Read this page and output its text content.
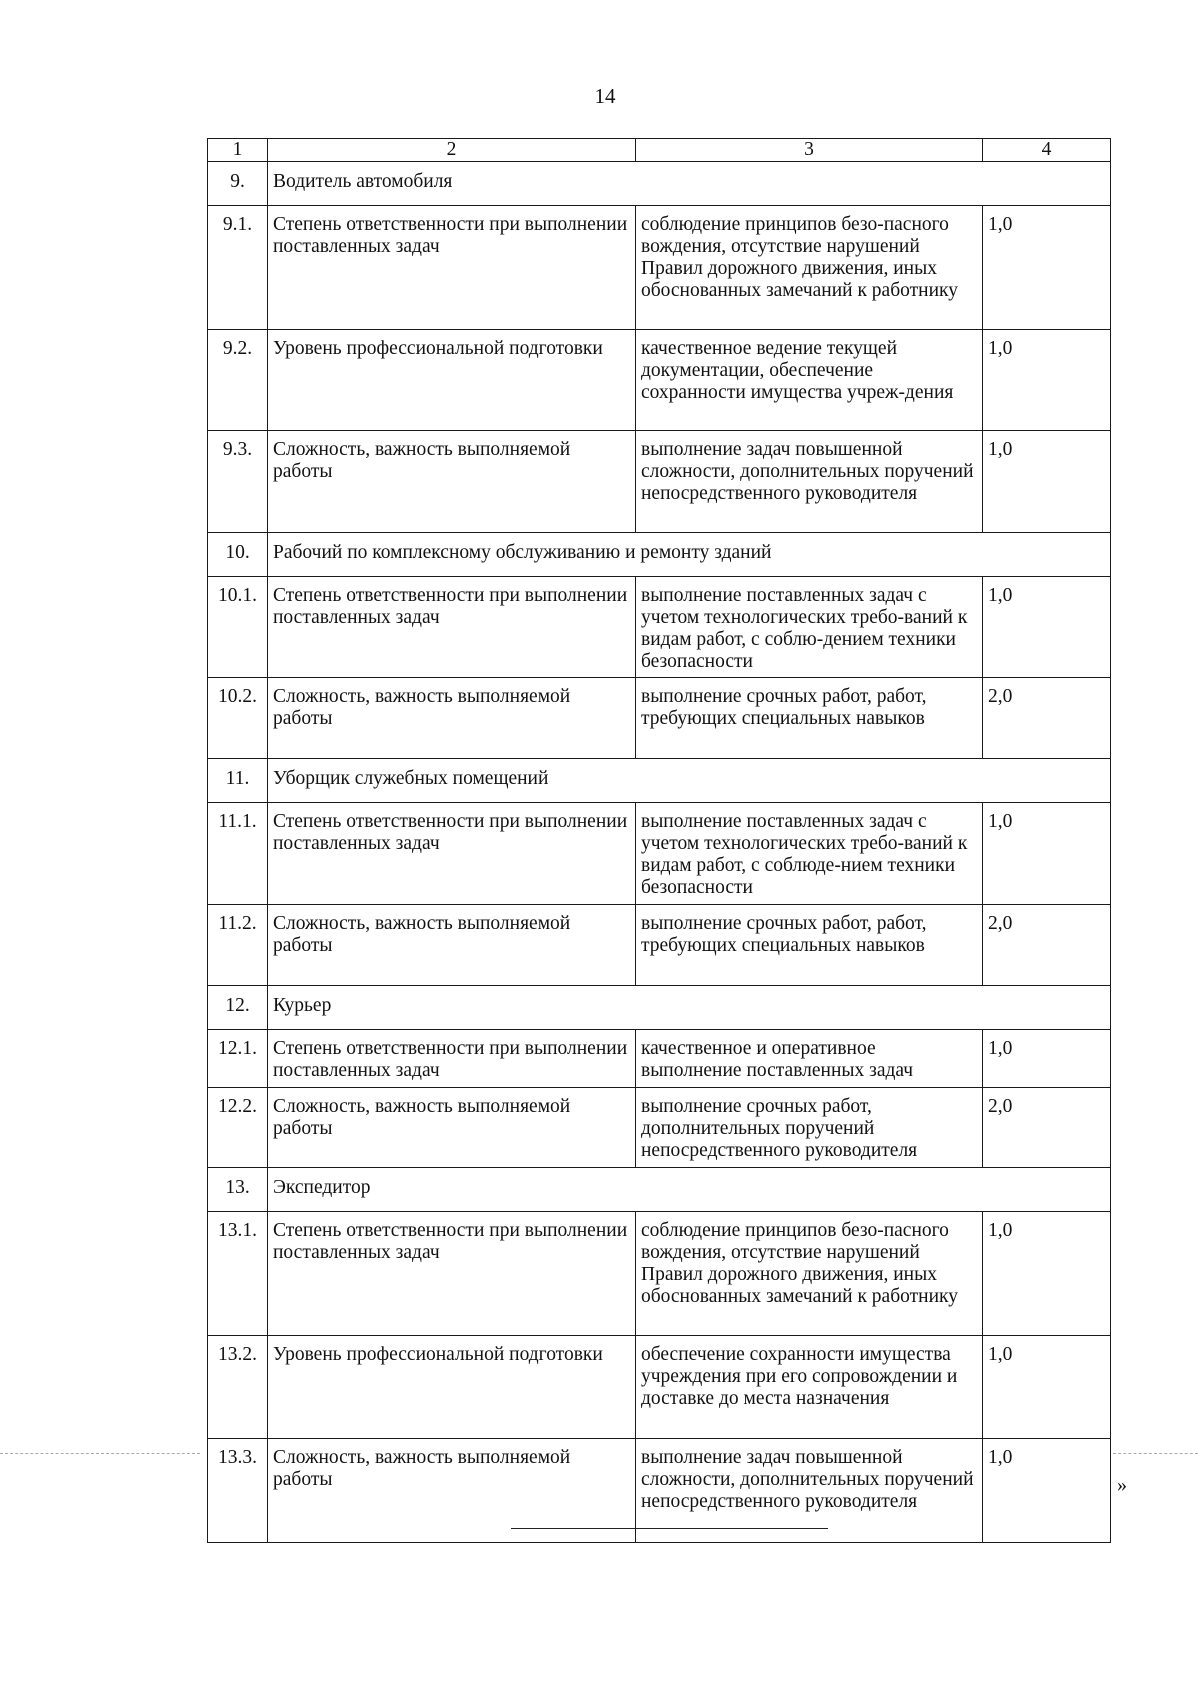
14
1	2	3	4
9.	Водитель автомобиля		
9.1.	Степень ответственности при выполнении поставленных задач	соблюдение принципов безо-пасного вождения, отсутствие нарушений Правил дорожного движения, иных обоснованных замечаний к работнику	1,0
9.2.	Уровень профессиональной подготовки	качественное ведение текущей документации, обеспечение сохранности имущества учреж-дения	1,0
9.3.	Сложность, важность выполняемой работы	выполнение задач повышенной сложности, дополнительных поручений непосредственного руководителя	1,0
10.	Рабочий по комплексному обслуживанию и ремонту зданий		
10.1.	Степень ответственности при выполнении поставленных задач	выполнение поставленных задач с учетом технологических требо-ваний к видам работ, с соблю-дением техники безопасности	1,0
10.2.	Сложность, важность выполняемой работы	выполнение срочных работ, работ, требующих специальных навыков	2,0
11.	Уборщик служебных помещений		
11.1.	Степень ответственности при выполнении поставленных задач	выполнение поставленных задач с учетом технологических требо-ваний к видам работ, с соблюде-нием техники безопасности	1,0
11.2.	Сложность, важность выполняемой работы	выполнение срочных работ, работ, требующих специальных навыков	2,0
12.	Курьер		
12.1.	Степень ответственности при выполнении поставленных задач	качественное и оперативное выполнение поставленных задач	1,0
12.2.	Сложность, важность выполняемой работы	выполнение срочных работ, дополнительных поручений непосредственного руководителя	2,0
13.	Экспедитор		
13.1.	Степень ответственности при выполнении поставленных задач	соблюдение принципов безо-пасного вождения, отсутствие нарушений Правил дорожного движения, иных обоснованных замечаний к работнику	1,0
13.2.	Уровень профессиональной подготовки	обеспечение сохранности имущества учреждения при его сопровождении и доставке до места назначения	1,0
13.3.	Сложность, важность выполняемой работы	выполнение задач повышенной сложности, дополнительных поручений непосредственного руководителя	1,0
»
